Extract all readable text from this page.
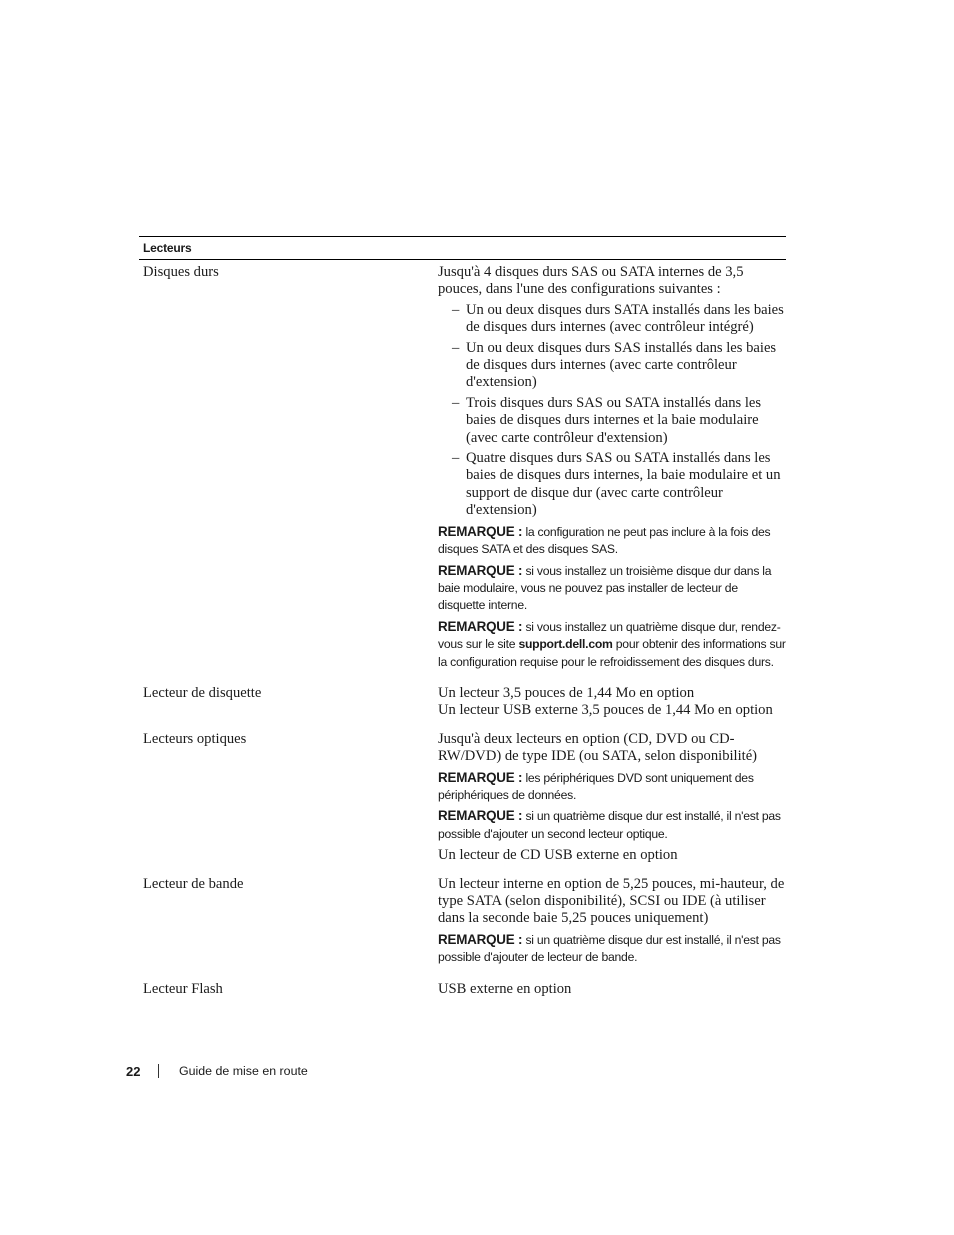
Lecteurs
Disques durs	Jusqu'à 4 disques durs SAS ou SATA internes de 3,5 pouces, dans l'une des configurations suivantes :

– Un ou deux disques durs SATA installés dans les baies de disques durs internes (avec contrôleur intégré)
– Un ou deux disques durs SAS installés dans les baies de disques durs internes (avec carte contrôleur d'extension)
– Trois disques durs SAS ou SATA installés dans les baies de disques durs internes et la baie modulaire (avec carte contrôleur d'extension)
– Quatre disques durs SAS ou SATA installés dans les baies de disques durs internes, la baie modulaire et un support de disque dur (avec carte contrôleur d'extension)

REMARQUE : la configuration ne peut pas inclure à la fois des disques SATA et des disques SAS.

REMARQUE : si vous installez un troisième disque dur dans la baie modulaire, vous ne pouvez pas installer de lecteur de disquette interne.

REMARQUE : si vous installez un quatrième disque dur, rendez-vous sur le site support.dell.com pour obtenir des informations sur la configuration requise pour le refroidissement des disques durs.

Lecteur de disquette	Un lecteur 3,5 pouces de 1,44 Mo en option

Un lecteur USB externe 3,5 pouces de 1,44 Mo en option

Lecteurs optiques	Jusqu'à deux lecteurs en option (CD, DVD ou CD-RW/DVD) de type IDE (ou SATA, selon disponibilité)

REMARQUE : les périphériques DVD sont uniquement des périphériques de données.

REMARQUE : si un quatrième disque dur est installé, il n'est pas possible d'ajouter un second lecteur optique.

Un lecteur de CD USB externe en option

Lecteur de bande	Un lecteur interne en option de 5,25 pouces, mi-hauteur, de type SATA (selon disponibilité), SCSI ou IDE (à utiliser dans la seconde baie 5,25 pouces uniquement)

REMARQUE : si un quatrième disque dur est installé, il n'est pas possible d'ajouter de lecteur de bande.

Lecteur Flash	USB externe en option

22	Guide de mise en route
